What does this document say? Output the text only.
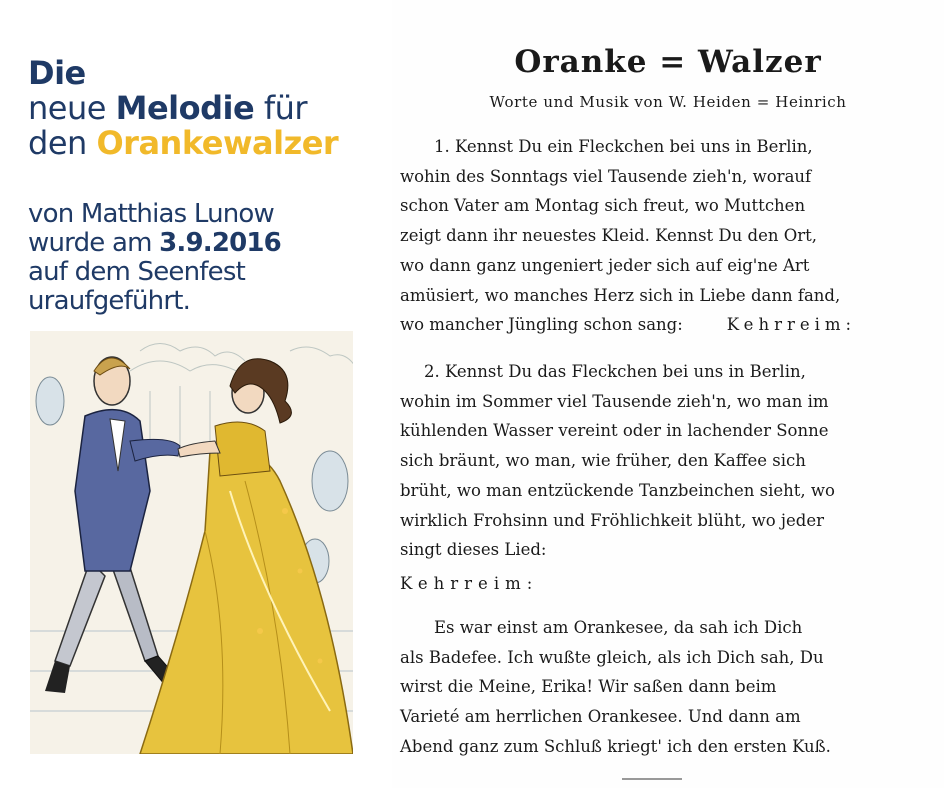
Die
neue Melodie für
den Orankewalzer
von Matthias Lunow
wurde am 3.9.2016
auf dem Seenfest
uraufgeführt.
Oranke = Walzer
Worte und Musik von W. Heiden = Heinrich
1. Kennst Du ein Fleckchen bei uns in Berlin,
wohin des Sonntags viel Tausende zieh'n, worauf
schon Vater am Montag sich freut, wo Muttchen
zeigt dann ihr neuestes Kleid. Kennst Du den Ort,
wo dann ganz ungeniert jeder sich auf eig'ne Art
amüsiert, wo manches Herz sich in Liebe dann fand,
wo mancher Jüngling schon sang:	Kehrreim:
2. Kennst Du das Fleckchen bei uns in Berlin,
wohin im Sommer viel Tausende zieh'n, wo man im
kühlenden Wasser vereint oder in lachender Sonne
sich bräunt, wo man, wie früher, den Kaffee sich
brüht, wo man entzückende Tanzbeinchen sieht, wo
wirklich Frohsinn und Fröhlichkeit blüht, wo jeder
singt dieses Lied:
Kehrreim:
Es war einst am Orankesee, da sah ich Dich
als Badefee. Ich wußte gleich, als ich Dich sah, Du
wirst die Meine, Erika! Wir saßen dann beim
Varieté am herrlichen Orankesee. Und dann am
Abend ganz zum Schluß kriegt' ich den ersten Kuß.
